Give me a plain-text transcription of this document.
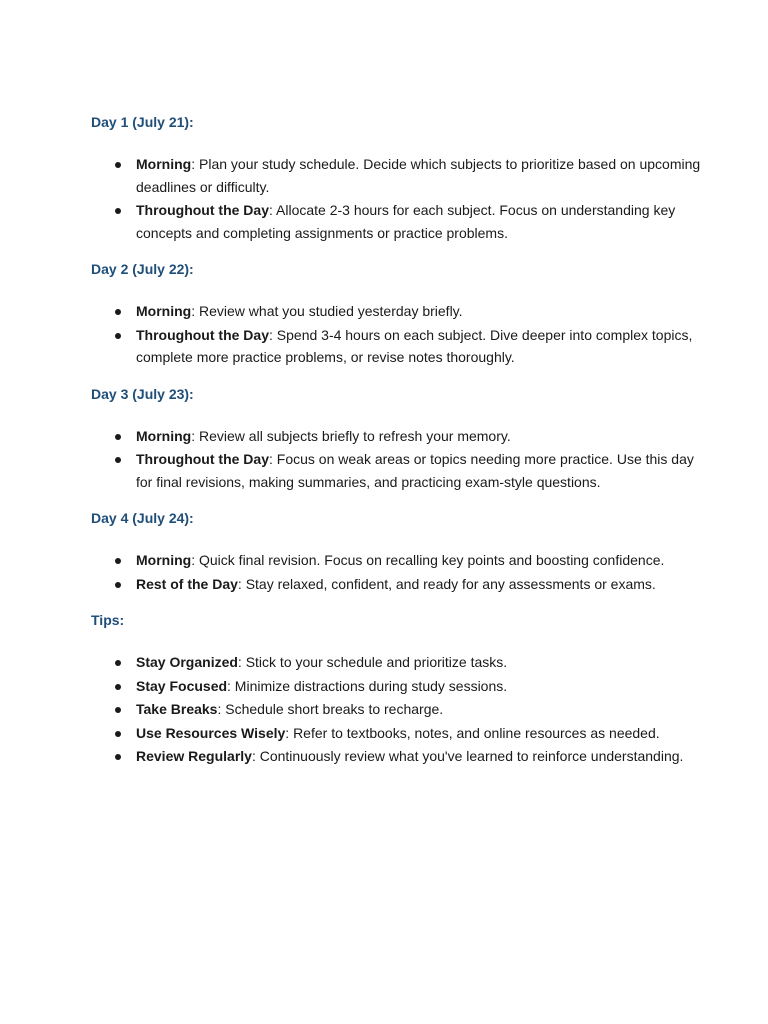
Day 1 (July 21):
Morning: Plan your study schedule. Decide which subjects to prioritize based on upcoming deadlines or difficulty.
Throughout the Day: Allocate 2-3 hours for each subject. Focus on understanding key concepts and completing assignments or practice problems.
Day 2 (July 22):
Morning: Review what you studied yesterday briefly.
Throughout the Day: Spend 3-4 hours on each subject. Dive deeper into complex topics, complete more practice problems, or revise notes thoroughly.
Day 3 (July 23):
Morning: Review all subjects briefly to refresh your memory.
Throughout the Day: Focus on weak areas or topics needing more practice. Use this day for final revisions, making summaries, and practicing exam-style questions.
Day 4 (July 24):
Morning: Quick final revision. Focus on recalling key points and boosting confidence.
Rest of the Day: Stay relaxed, confident, and ready for any assessments or exams.
Tips:
Stay Organized: Stick to your schedule and prioritize tasks.
Stay Focused: Minimize distractions during study sessions.
Take Breaks: Schedule short breaks to recharge.
Use Resources Wisely: Refer to textbooks, notes, and online resources as needed.
Review Regularly: Continuously review what you've learned to reinforce understanding.
